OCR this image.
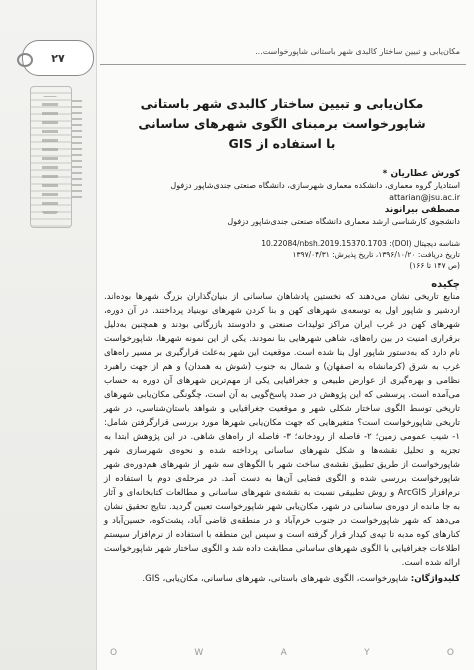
۲۷	مکان‌یابی و تبیین ساختار کالبدی شهر باستانی شاپورخواست...
مکان‌یابی و تبیین ساختار کالبدی شهر باستانی
شاپورخواست برمبنای الگوی شهرهای ساسانی
با استفاده از GIS
کورش عطاریان *
استادیار گروه معماری، دانشکده معماری شهرسازی، دانشگاه صنعتی جندی‌شاپور دزفول
attarian@jsu.ac.ir
مصطفی بیرانوند
دانشجوی کارشناسی ارشد معماری دانشگاه صنعتی جندی‌شاپور دزفول
شناسه دیجیتال (DOI): 10.22084/nbsh.2019.15370.1703
تاریخ دریافت: ۱۳۹۶/۱۰/۲۰، تاریخ پذیرش: ۱۳۹۷/۰۴/۳۱
(ص ۱۴۷ تا ۱۶۶)
چکیده
منابع تاریخی نشان می‌دهند که نخستین پادشاهان ساسانی از بنیان‌گذاران بزرگ شهرها بوده‌اند. اردشیر و شاپور اول به توسعه‌ی شهرهای کهن و بنا کردن شهرهای نوبنیاد پرداختند. در آن دوره، شهرهای کهن در غرب ایران مراکز تولیدات صنعتی و دادوستد بازرگانی بودند و همچنین به‌دلیل برقراری امنیت در بین راه‌های، شاهی شهرهایی بنا نمودند. یکی از این نمونه شهرها، شاپورخواست نام دارد که به‌دستور شاپور اول بنا شده است. موقعیت این شهر به‌علت قرارگیری بر مسیر راه‌های غرب به شرق (کرمانشاه به اصفهان) و شمال به جنوب (شوش به همدان) و هم از جهت راهبرد نظامی و بهره‌گیری از عوارض طبیعی و جغرافیایی یکی از مهم‌ترین شهرهای آن دوره به حساب می‌آمده است. پرسشی که این پژوهش در صدد پاسخ‌گویی به آن است، چگونگی مکان‌یابی شهرهای تاریخی توسط الگوی ساختار شکلی شهر و موقعیت جغرافیایی و شواهد باستان‌شناسی، در شهر تاریخی شاپورخواست است؟ متغیرهایی که جهت مکان‌یابی شهرها مورد بررسی قرارگرفتن شامل: ۱- شیب عمومی زمین؛ ۲- فاصله از رودخانه؛ ۳- فاصله از راه‌های شاهی. در این پژوهش ابتدا به تجزیه و تحلیل نقشه‌ها و شکل شهرهای ساسانی پرداخته شده و نحوه‌ی شهرسازی شهر شاپورخواست از طریق تطبیق نقشه‌ی ساخت شهر با الگوهای سه شهر از شهرهای هم‌دوره‌ی شهر شاپورخواست بررسی شده و الگوی فضایی آن‌ها به دست آمد. در مرحله‌ی دوم با استفاده از نرم‌افزار ArcGIS و روش تطبیقی نسبت به نقشه‌ی شهرهای ساسانی و مطالعات کتابخانه‌ای و آثار به جا مانده از دوره‌ی ساسانی در شهر، مکان‌یابی شهر شاپورخواست تعیین گردید. نتایج تحقیق نشان می‌دهد که شهر شاپورخواست در جنوب خرم‌آباد و در منطقه‌ی قاضی آباد، پشت‌کوه، حسین‌آباد و کنارهای کوه مدبه تا تپه‌ی کیدار قرار گرفته است و سپس این منطقه با استفاده از نرم‌افزار سیستم اطلاعات جغرافیایی با الگوی شهرهای ساسانی مطابقت داده شد و الگوی ساختار شهر شاپورخواست ارائه شده است.
کلیدواژگان: شاپورخواست، الگوی شهرهای باستانی، شهرهای ساسانی، مکان‌یابی، GIS.
O	W	A	Y	O
